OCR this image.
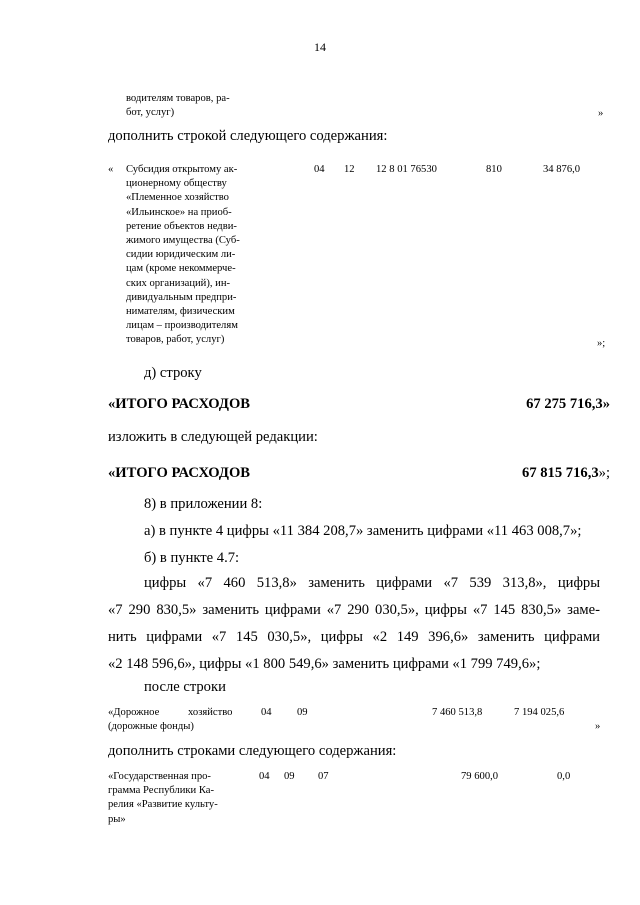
14
водителям товаров, ра-
бот, услуг)	»
дополнить строкой следующего содержания:
« Субсидия открытому ак-
ционерному обществу
«Племенное хозяйство
«Ильинское» на приоб-
ретение объектов недви-
жимого имущества (Суб-
сидии юридическим ли-
цам (кроме некоммерче-
ских организаций), ин-
дивидуальным предпри-
нимателям, физическим
лицам – производителям
товаров, работ, услуг)
04 12 12 8 01 76530	810	34 876,0
»;
д) строку
«ИТОГО РАСХОДОВ	67 275 716,3»
изложить в следующей редакции:
«ИТОГО РАСХОДОВ	67 815 716,3»;
8) в приложении 8:
а) в пункте 4 цифры «11 384 208,7» заменить цифрами «11 463 008,7»;
б) в пункте 4.7:
цифры «7 460 513,8» заменить цифрами «7 539 313,8», цифры
«7 290 830,5» заменить цифрами «7 290 030,5», цифры «7 145 830,5» заме-
нить цифрами «7 145 030,5», цифры «2 149 396,6» заменить цифрами
«2 148 596,6», цифры «1 800 549,6» заменить цифрами «1 799 749,6»;
после строки
«Дорожное	хозяйство
(дорожные фонды)
04 09	7 460 513,8	7 194 025,6
»
дополнить строками следующего содержания:
«Государственная про-
грамма Республики Ка-
релия «Развитие культу-
ры»
04 09 07	79 600,0	0,0
